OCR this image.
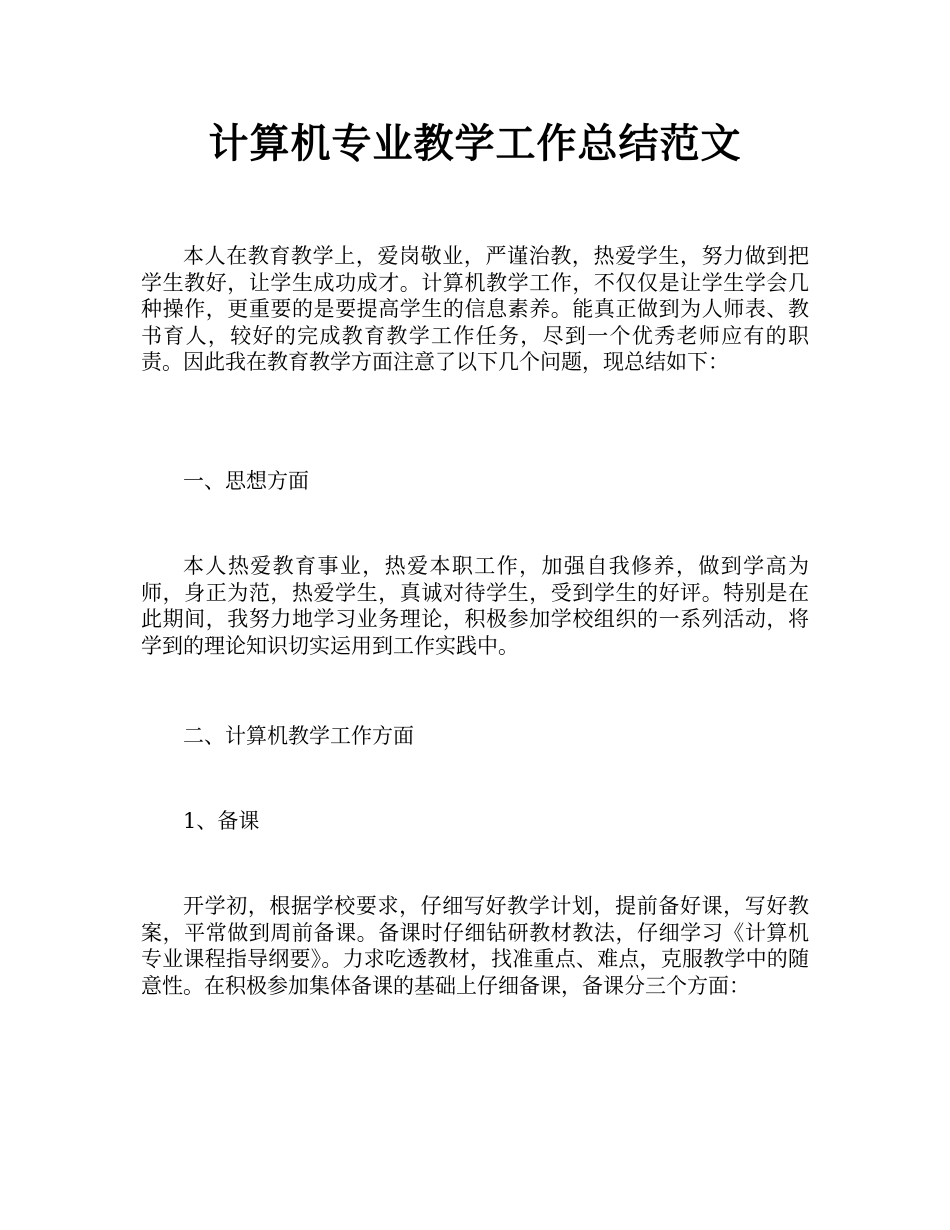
计算机专业教学工作总结范文

本人在教育教学上，爱岗敬业，严谨治教，热爱学生，努力做到把学生教好，让学生成功成才。计算机教学工作，不仅仅是让学生学会几种操作，更重要的是要提高学生的信息素养。能真正做到为人师表、教书育人，较好的完成教育教学工作任务，尽到一个优秀老师应有的职责。因此我在教育教学方面注意了以下几个问题，现总结如下：

一、思想方面

本人热爱教育事业，热爱本职工作，加强自我修养，做到学高为师，身正为范，热爱学生，真诚对待学生，受到学生的好评。特别是在此期间，我努力地学习业务理论，积极参加学校组织的一系列活动，将学到的理论知识切实运用到工作实践中。

二、计算机教学工作方面

1、备课

开学初，根据学校要求，仔细写好教学计划，提前备好课，写好教案，平常做到周前备课。备课时仔细钻研教材教法，仔细学习《计算机专业课程指导纲要》。力求吃透教材，找准重点、难点，克服教学中的随意性。在积极参加集体备课的基础上仔细备课，备课分三个方面：
